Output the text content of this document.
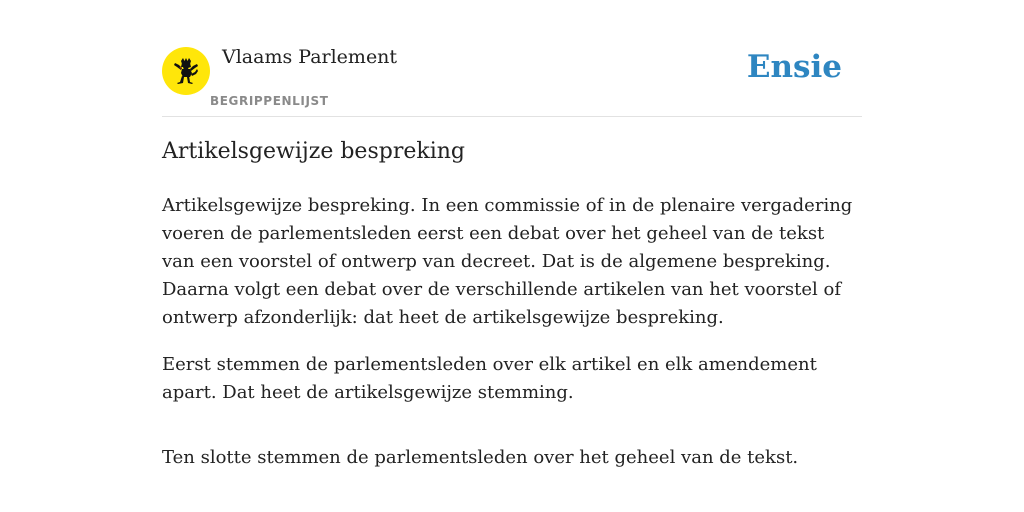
Vlaams Parlement
BEGRIPPENLIJST
Ensie
Artikelsgewijze bespreking

Artikelsgewijze bespreking. In een commissie of in de plenaire vergadering voeren de parlementsleden eerst een debat over het geheel van de tekst van een voorstel of ontwerp van decreet. Dat is de algemene bespreking. Daarna volgt een debat over de verschillende artikelen van het voorstel of ontwerp afzonderlijk: dat heet de artikelsgewijze bespreking.

Eerst stemmen de parlementsleden over elk artikel en elk amendement apart. Dat heet de artikelsgewijze stemming.

Ten slotte stemmen de parlementsleden over het geheel van de tekst.
